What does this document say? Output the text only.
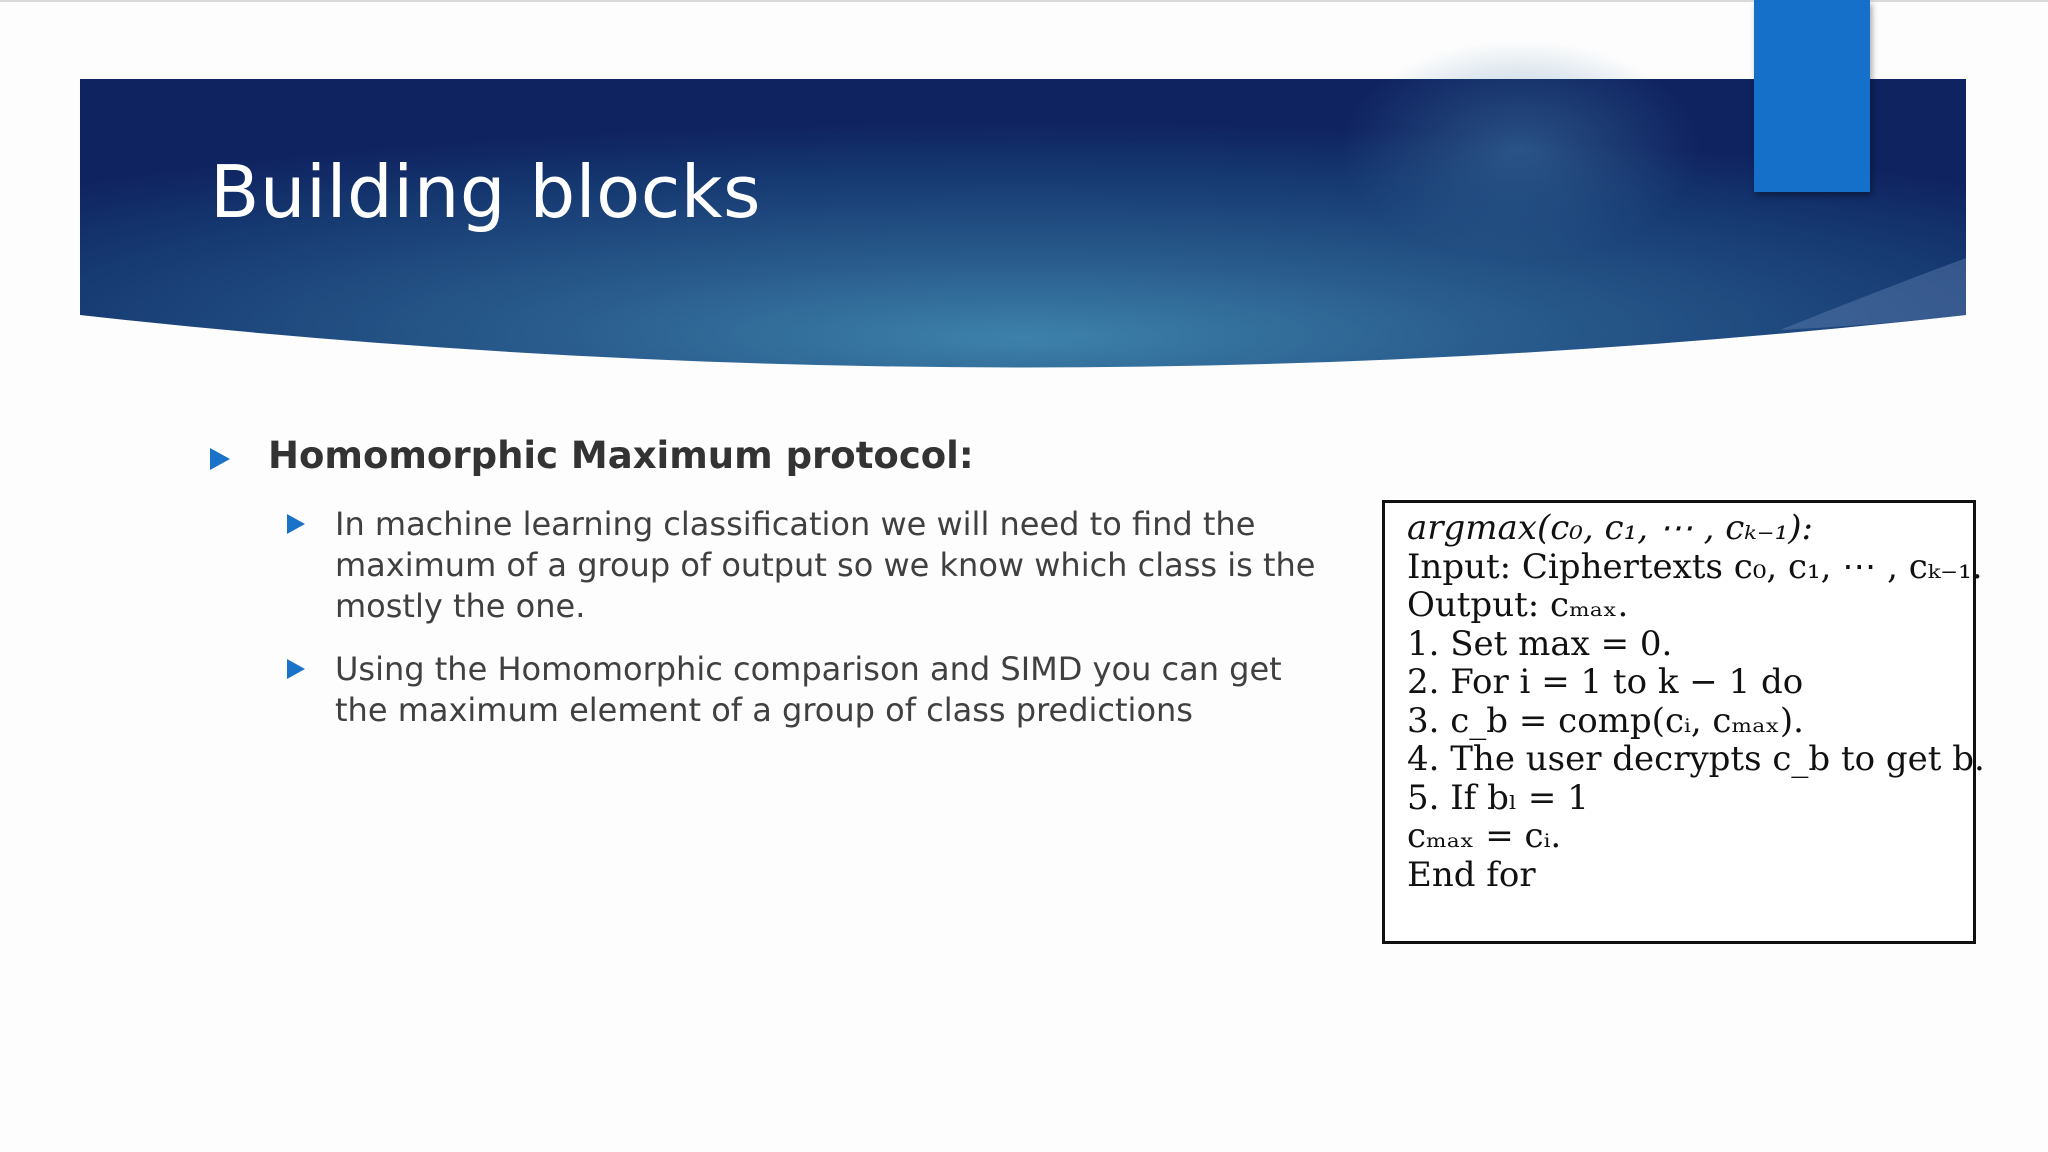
Building blocks
Homomorphic Maximum protocol:
In machine learning classification we will need to find the maximum of a group of output so we know which class is the mostly the one.
Using the Homomorphic comparison and SIMD you can get the maximum element of a group of class predictions
argmax(c₀, c₁, ⋯ , cₖ₋₁):
Input: Ciphertexts c₀, c₁, ⋯ , cₖ₋₁.
Output: cₘₐₓ.
1. Set max = 0.
2. For i = 1 to k − 1 do
3. c_b = comp(cᵢ, cₘₐₓ).
4. The user decrypts c_b to get b.
5. If bₗ = 1
cₘₐₓ = cᵢ.
End for
